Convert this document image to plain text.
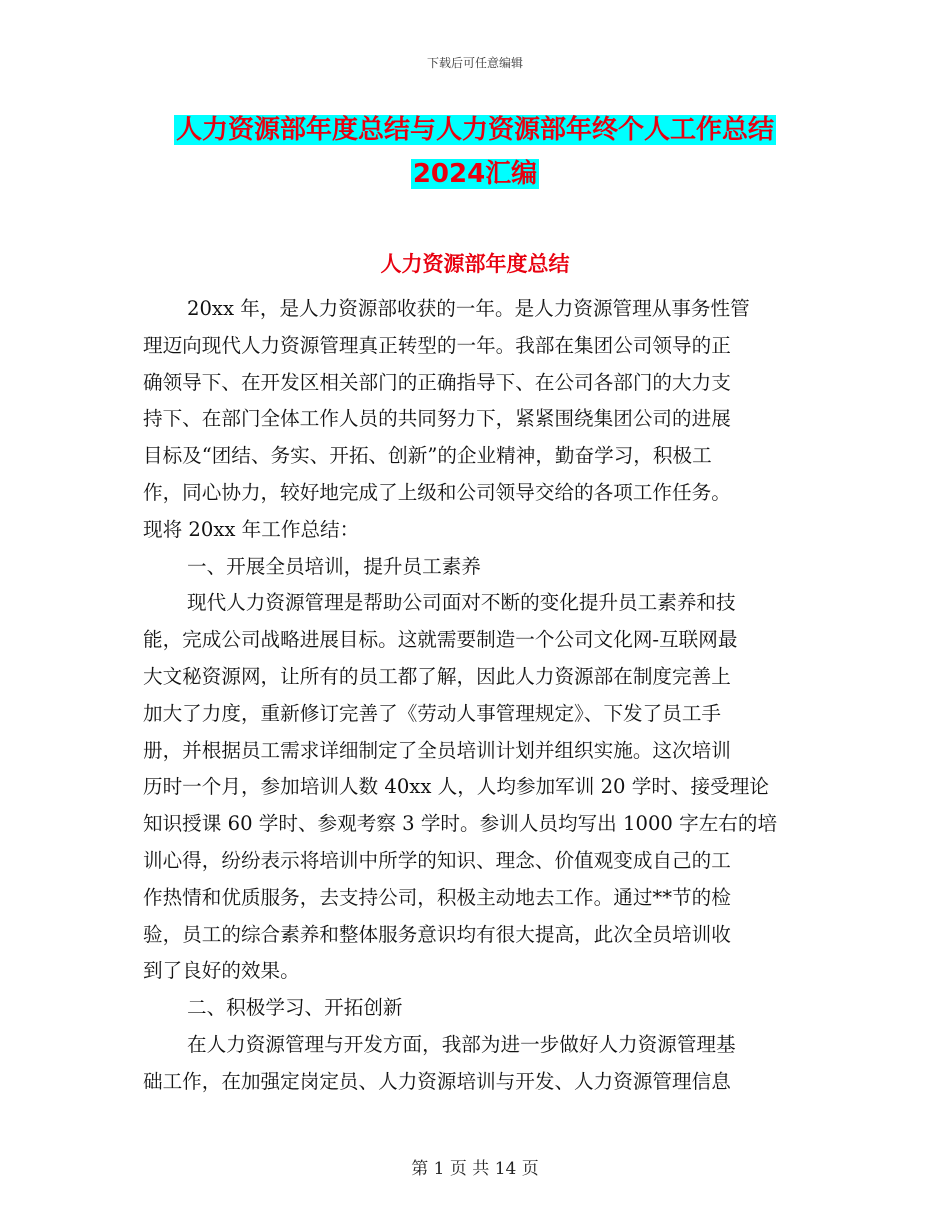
下载后可任意编辑
人力资源部年度总结与人力资源部年终个人工作总结
2024汇编
人力资源部年度总结
20xx 年，是人力资源部收获的一年。是人力资源管理从事务性管
理迈向现代人力资源管理真正转型的一年。我部在集团公司领导的正
确领导下、在开发区相关部门的正确指导下、在公司各部门的大力支
持下、在部门全体工作人员的共同努力下，紧紧围绕集团公司的进展
目标及“团结、务实、开拓、创新”的企业精神，勤奋学习，积极工
作，同心协力，较好地完成了上级和公司领导交给的各项工作任务。
现将 20xx 年工作总结：
一、开展全员培训，提升员工素养
现代人力资源管理是帮助公司面对不断的变化提升员工素养和技
能，完成公司战略进展目标。这就需要制造一个公司文化网-互联网最
大文秘资源网，让所有的员工都了解，因此人力资源部在制度完善上
加大了力度，重新修订完善了《劳动人事管理规定》、下发了员工手
册，并根据员工需求详细制定了全员培训计划并组织实施。这次培训
历时一个月，参加培训人数 40xx 人，人均参加军训 20 学时、接受理论
知识授课 60 学时、参观考察 3 学时。参训人员均写出 1000 字左右的培
训心得，纷纷表示将培训中所学的知识、理念、价值观变成自己的工
作热情和优质服务，去支持公司，积极主动地去工作。通过**节的检
验，员工的综合素养和整体服务意识均有很大提高，此次全员培训收
到了良好的效果。
二、积极学习、开拓创新
在人力资源管理与开发方面，我部为进一步做好人力资源管理基
础工作，在加强定岗定员、人力资源培训与开发、人力资源管理信息
第 1 页 共 14 页
